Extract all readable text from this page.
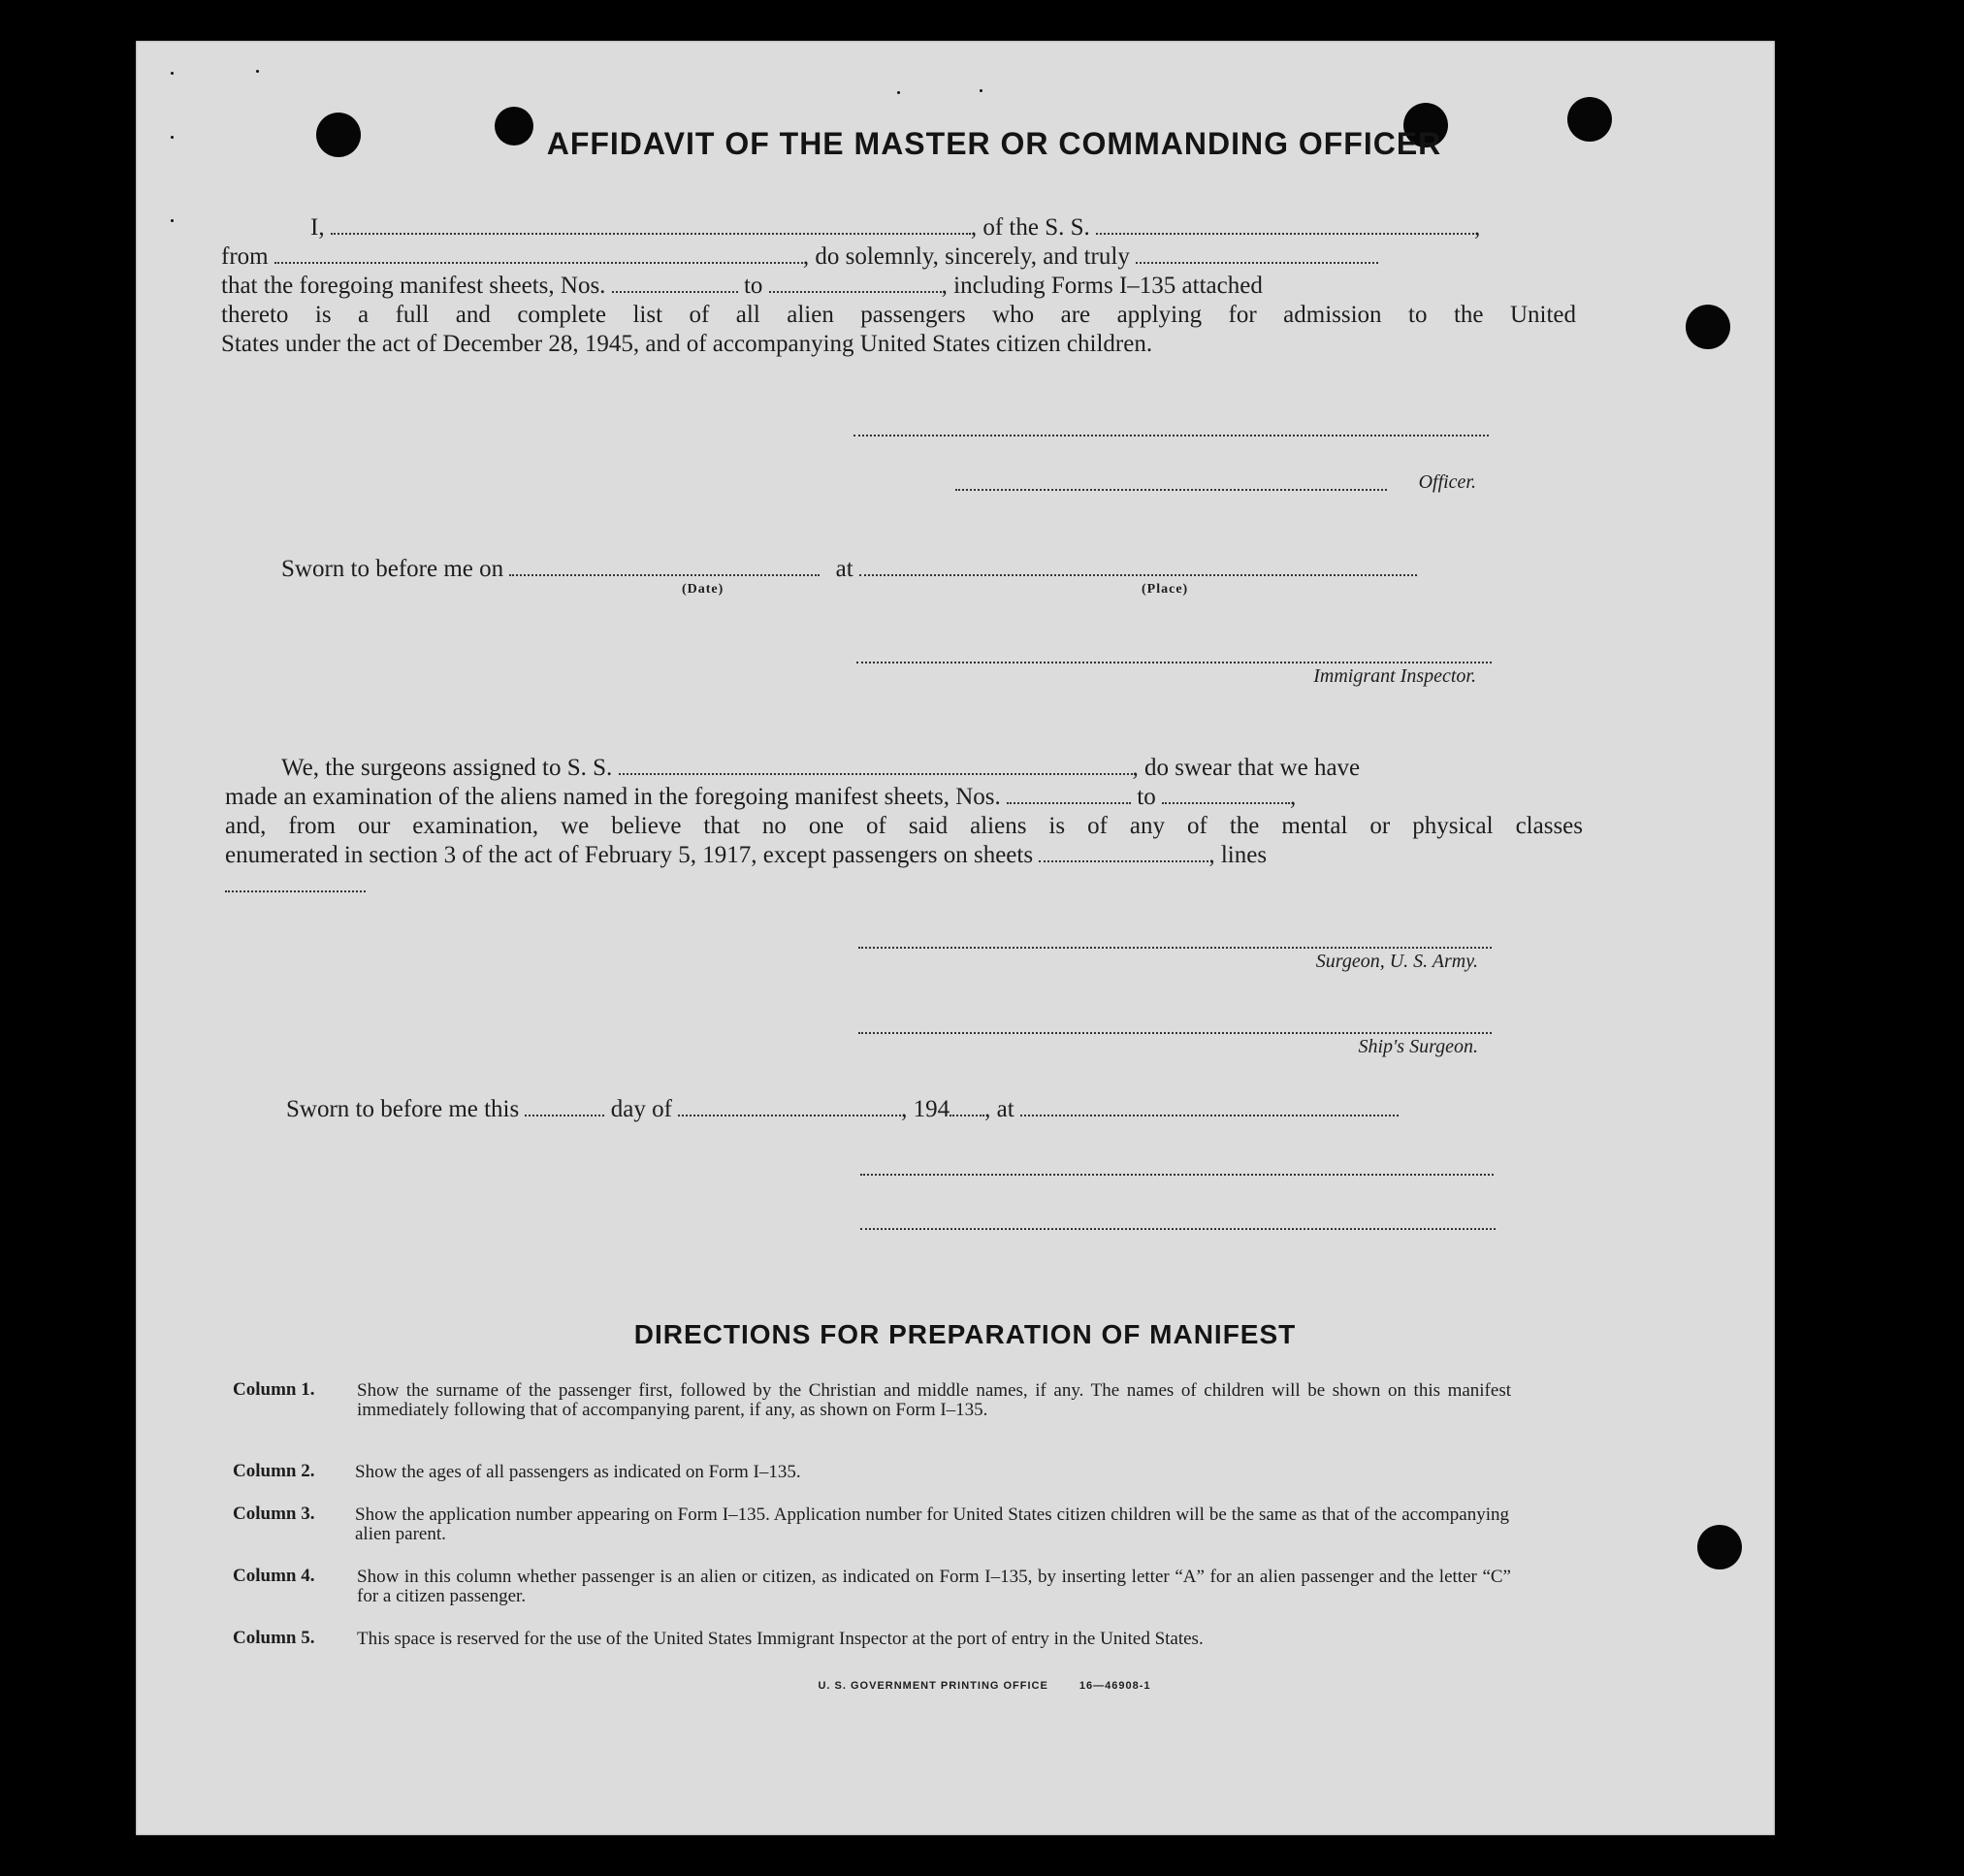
AFFIDAVIT OF THE MASTER OR COMMANDING OFFICER
I,	, of the S. S.	,
from	, do solemnly, sincerely, and truly
that the foregoing manifest sheets, Nos.	to	, including Forms I–135 attached
thereto is a full and complete list of all alien passengers who are applying for admission to the United
States under the act of December 28, 1945, and of accompanying United States citizen children.
Officer.
Sworn to before me on	at
(Date)	(Place)
Immigrant Inspector.
We, the surgeons assigned to S. S.	, do swear that we have
made an examination of the aliens named in the foregoing manifest sheets, Nos.	to	,
and, from our examination, we believe that no one of said aliens is of any of the mental or physical classes
enumerated in section 3 of the act of February 5, 1917, except passengers on sheets	, lines
Surgeon, U. S. Army.
Ship's Surgeon.
Sworn to before me this	day of	, 194 , at
DIRECTIONS FOR PREPARATION OF MANIFEST
Column 1. Show the surname of the passenger first, followed by the Christian and middle names, if any. The names of children will be shown on this manifest immediately following that of accompanying parent, if any, as shown on Form I–135.
Column 2. Show the ages of all passengers as indicated on Form I–135.
Column 3. Show the application number appearing on Form I–135. Application number for United States citizen children will be the same as that of the accompanying alien parent.
Column 4. Show in this column whether passenger is an alien or citizen, as indicated on Form I–135, by inserting letter “A” for an alien passenger and the letter “C” for a citizen passenger.
Column 5. This space is reserved for the use of the United States Immigrant Inspector at the port of entry in the United States.
U. S. GOVERNMENT PRINTING OFFICE	16—46908-1
